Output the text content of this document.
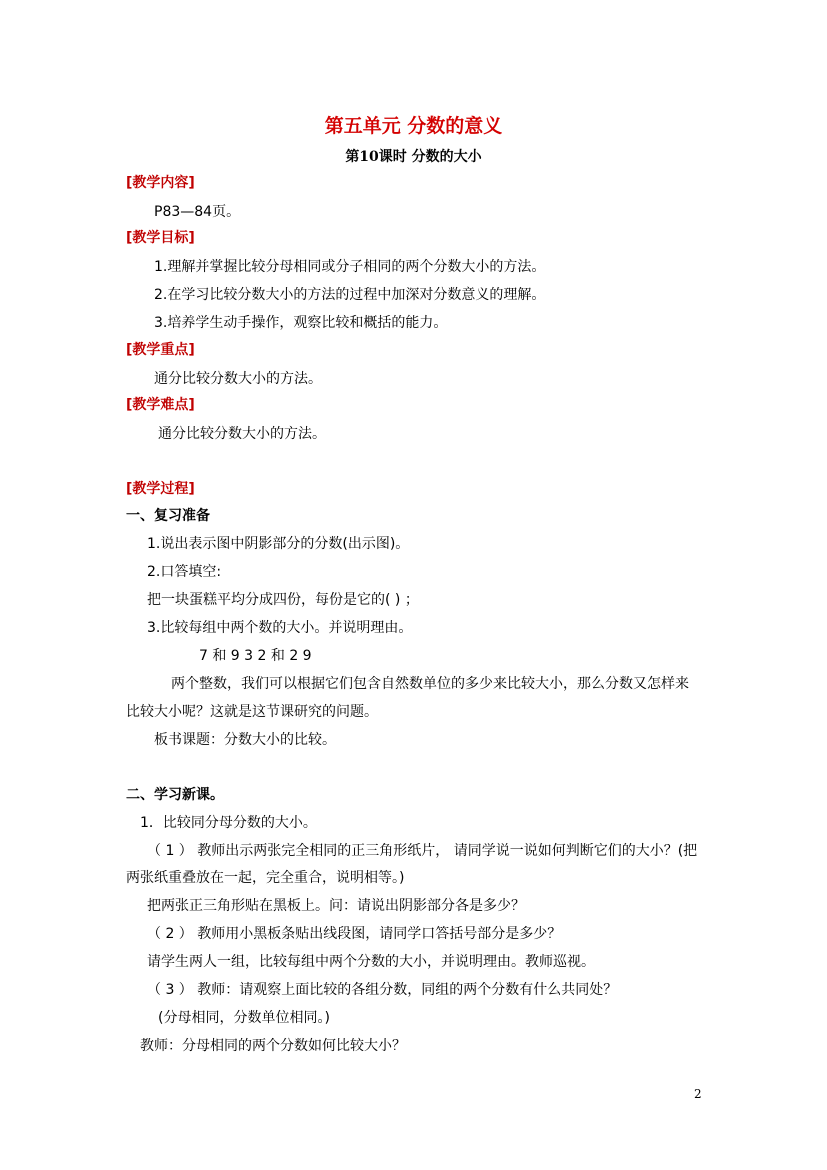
第五单元 分数的意义
第10课时 分数的大小
[教学内容]
P83—84页。
[教学目标]
1.理解并掌握比较分母相同或分子相同的两个分数大小的方法。
2.在学习比较分数大小的方法的过程中加深对分数意义的理解。
3.培养学生动手操作，观察比较和概括的能力。
[教学重点]
通分比较分数大小的方法。
[教学难点]
通分比较分数大小的方法。
[教学过程]
一、复习准备
1.说出表示图中阴影部分的分数(出示图)。
2.口答填空:
把一块蛋糕平均分成四份，每份是它的( ) ；
3.比较每组中两个数的大小。并说明理由。
7 和 9 3 2 和 2 9
两个整数，我们可以根据它们包含自然数单位的多少来比较大小，那么分数又怎样来
比较大小呢？这就是这节课研究的问题。
板书课题：分数大小的比较。
二、学习新课。
1．比较同分母分数的大小。
（ 1 ） 教师出示两张完全相同的正三角形纸片， 请同学说一说如何判断它们的大小？(把
两张纸重叠放在一起，完全重合，说明相等。)
把两张正三角形贴在黑板上。问：请说出阴影部分各是多少？
（ 2 ） 教师用小黑板条贴出线段图，请同学口答括号部分是多少？
请学生两人一组，比较每组中两个分数的大小，并说明理由。教师巡视。
（ 3 ） 教师：请观察上面比较的各组分数，同组的两个分数有什么共同处？
(分母相同，分数单位相同。)
教师：分母相同的两个分数如何比较大小？
2
